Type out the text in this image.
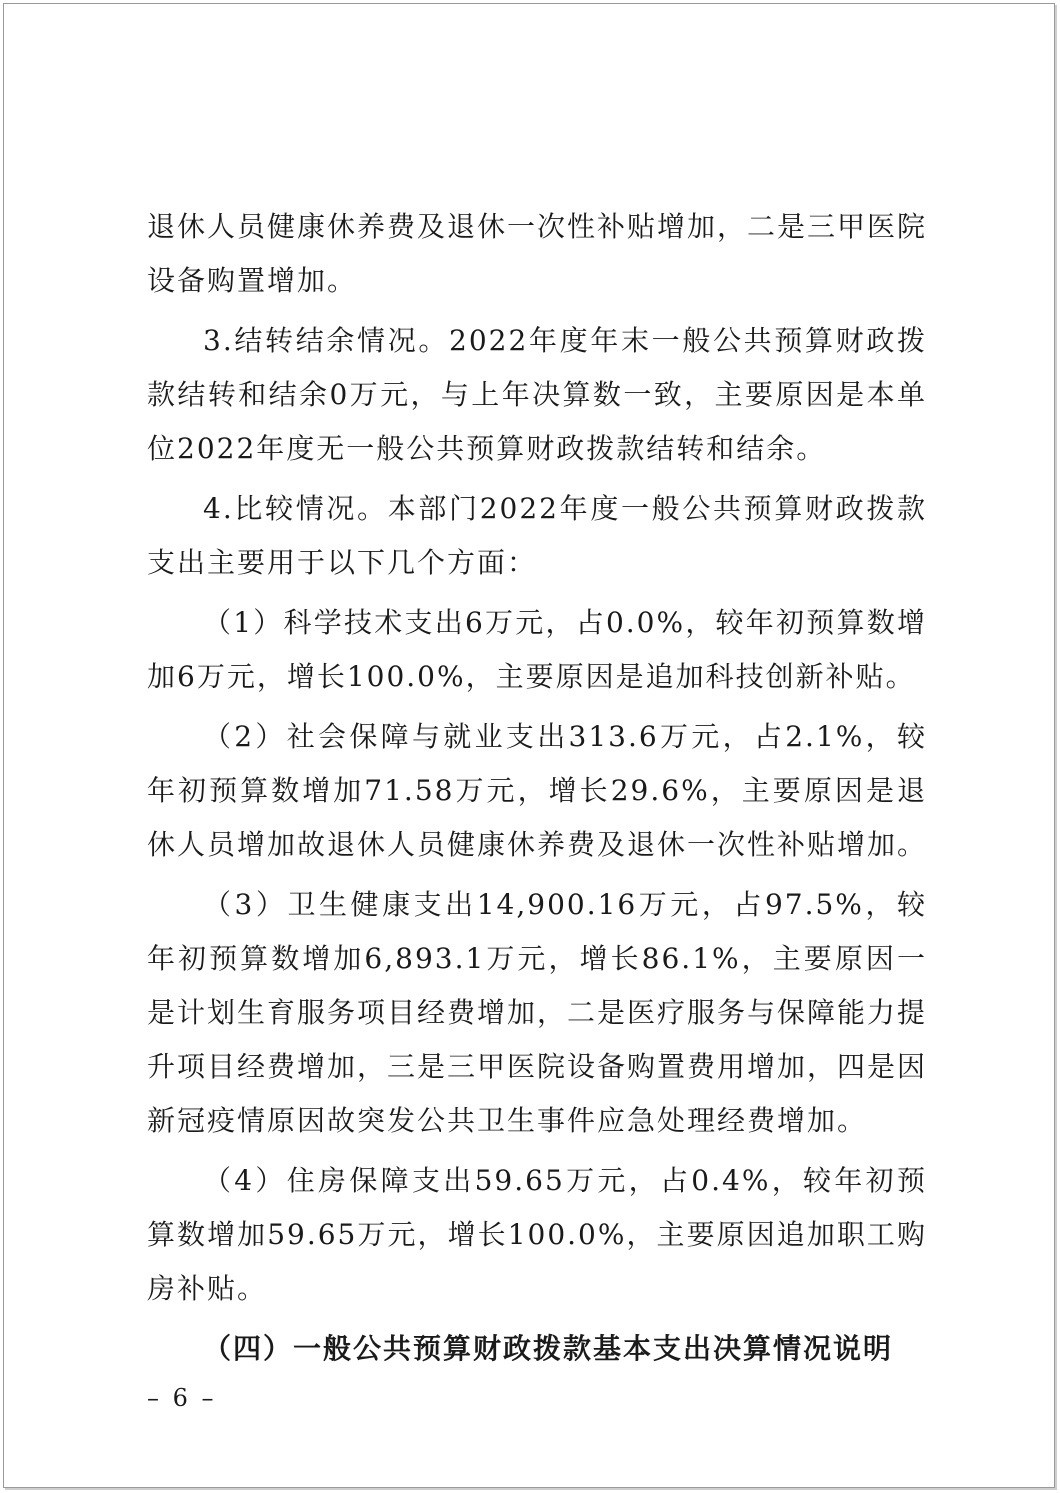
退休人员健康休养费及退休一次性补贴增加，二是三甲医院设备购置增加。

3.结转结余情况。2022年度年末一般公共预算财政拨款结转和结余0万元，与上年决算数一致，主要原因是本单位2022年度无一般公共预算财政拨款结转和结余。

4.比较情况。本部门2022年度一般公共预算财政拨款支出主要用于以下几个方面：

（1）科学技术支出6万元，占0.0%，较年初预算数增加6万元，增长100.0%，主要原因是追加科技创新补贴。

（2）社会保障与就业支出313.6万元，占2.1%，较年初预算数增加71.58万元，增长29.6%，主要原因是退休人员增加故退休人员健康休养费及退休一次性补贴增加。

（3）卫生健康支出14,900.16万元，占97.5%，较年初预算数增加6,893.1万元，增长86.1%，主要原因一是计划生育服务项目经费增加，二是医疗服务与保障能力提升项目经费增加，三是三甲医院设备购置费用增加，四是因新冠疫情原因故突发公共卫生事件应急处理经费增加。

（4）住房保障支出59.65万元，占0.4%，较年初预算数增加59.65万元，增长100.0%，主要原因追加职工购房补贴。

（四）一般公共预算财政拨款基本支出决算情况说明

– 6 –
